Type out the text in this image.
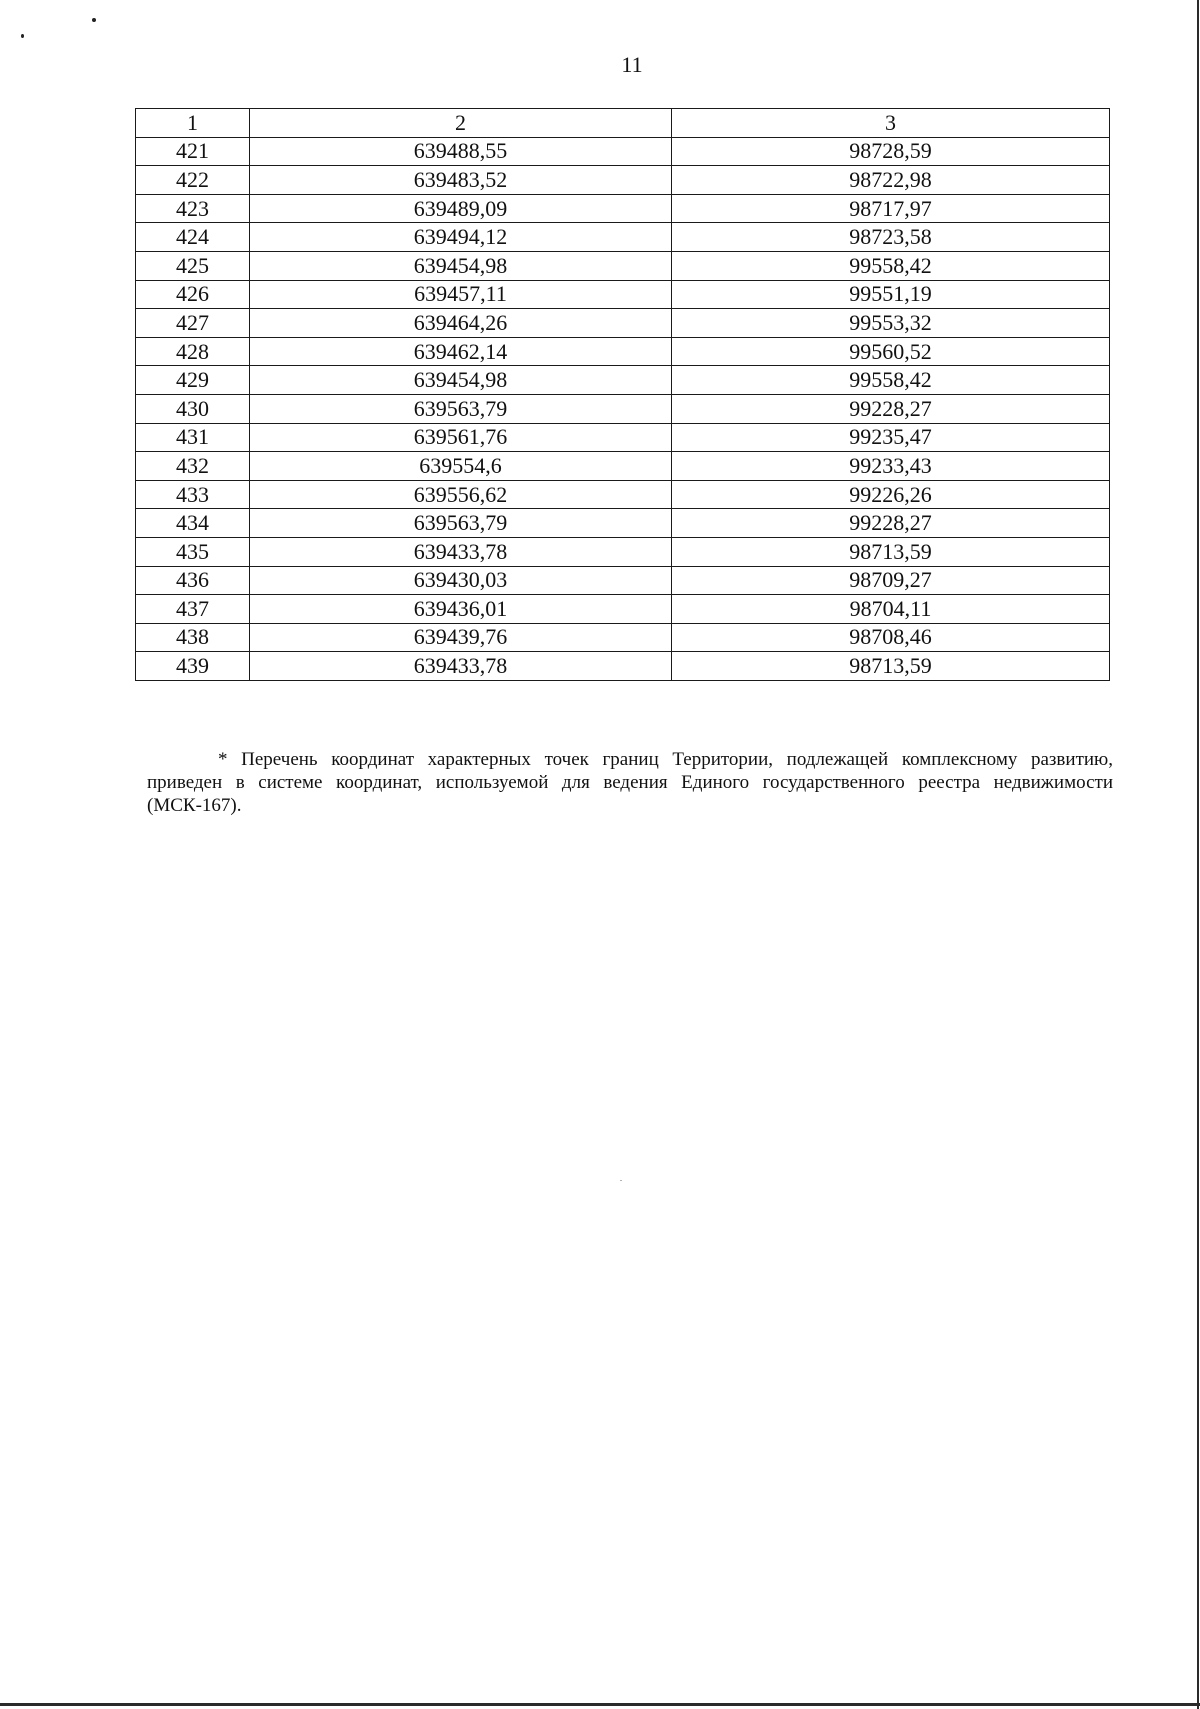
11
1	2	3
421	639488,55	98728,59
422	639483,52	98722,98
423	639489,09	98717,97
424	639494,12	98723,58
425	639454,98	99558,42
426	639457,11	99551,19
427	639464,26	99553,32
428	639462,14	99560,52
429	639454,98	99558,42
430	639563,79	99228,27
431	639561,76	99235,47
432	639554,6	99233,43
433	639556,62	99226,26
434	639563,79	99228,27
435	639433,78	98713,59
436	639430,03	98709,27
437	639436,01	98704,11
438	639439,76	98708,46
439	639433,78	98713,59

* Перечень координат характерных точек границ Территории, подлежащей комплексному развитию,
приведен в системе координат, используемой для ведения Единого государственного реестра недвижимости (МСК-167).
